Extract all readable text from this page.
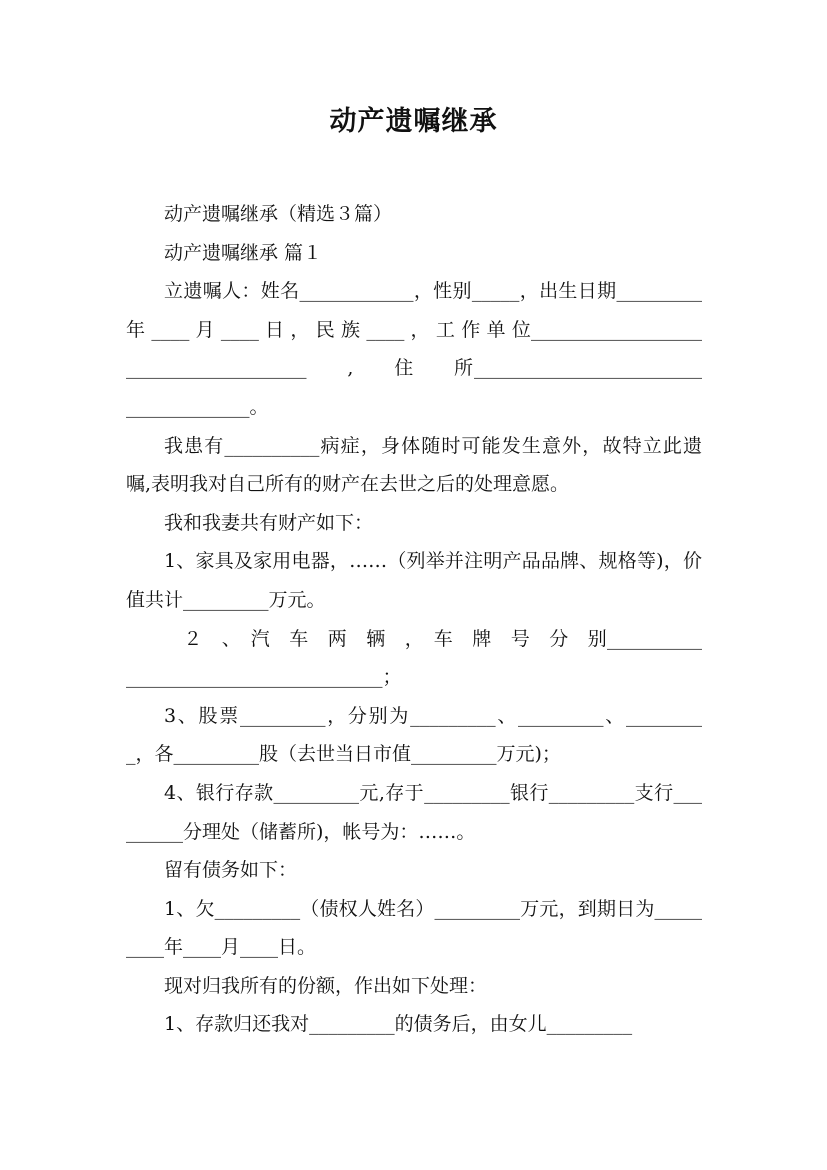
动产遗嘱继承

动产遗嘱继承（精选３篇）

动产遗嘱继承 篇１

立遗嘱人：姓名____________，性别_____，出生日期_________ 年 ____ 月 ____ 日 ， 民 族 ____ ， 工 作 单 位_____________________________________　　,　　住　　所_____________________________________。

我患有__________病症，身体随时可能发生意外，故特立此遗嘱,表明我对自己所有的财产在去世之后的处理意愿。

我和我妻共有财产如下：

1、家具及家用电器，……（列举并注明产品品牌、规格等)，价值共计_________万元。

　２　、　汽　车　两　辆　，　车　牌　号　分　别_____________________________________；

3、股票_________，分别为_________、_________、_________，各_________股（去世当日市值_________万元)；

4、银行存款_________元,存于_________银行_________支行_________分理处（储蓄所)，帐号为：……。

留有债务如下：

1、欠_________（债权人姓名）_________万元，到期日为_________年____月____日。

现对归我所有的份额，作出如下处理：

1、存款归还我对_________的债务后，由女儿_________
